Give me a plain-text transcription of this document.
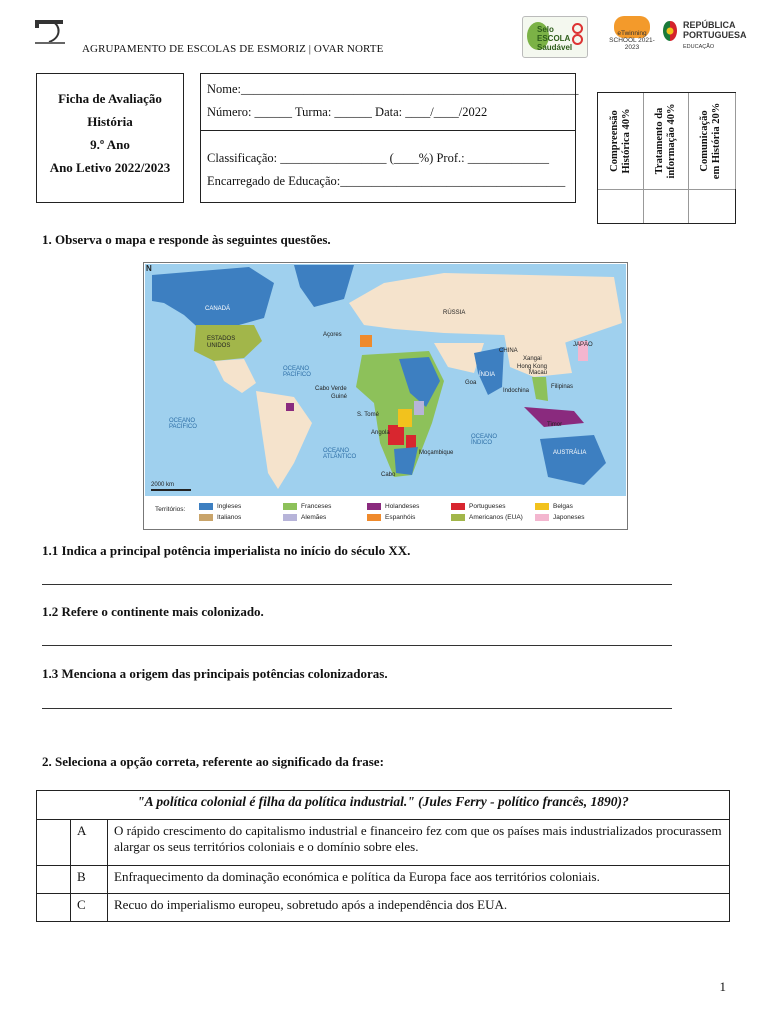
AGRUPAMENTO DE ESCOLAS DE ESMORIZ | OVAR NORTE
Selo ESCOLA Saudável
eTwinning SCHOOL 2021-2023
REPÚBLICA
PORTUGUESA
EDUCAÇÃO
Ficha de Avaliação
História
9.º Ano
Ano Letivo 2022/2023
Nome:______________________________________________________
Número: ______ Turma: ______ Data: ____/____/2022
Classificação: _________________ (____%) Prof.: _____________
Encarregado de Educação:____________________________________
Compreensão Histórica 40% Tratamento da informação 40% Comunicação em História 20%
1. Observa o mapa e responde às seguintes questões.
N
CANADÁ
ESTADOS UNIDOS
RÚSSIA
CHINA
ÍNDIA
JAPÃO
AUSTRÁLIA
OCEANO PACÍFICO
OCEANO ATLÂNTICO
OCEANO ÍNDICO
OCEANO PACÍFICO
Açores
Cabo Verde
Guiné
S. Tomé
Angola
Moçambique
Cabo
Goa
Macau
Hong Kong
Filipinas
Timor
Indochina
Xangai
2000 km
Territórios:	Ingleses	Franceses	Holandeses	Portugueses	Belgas
Italianos	Alemães	Espanhóis	Americanos (EUA)	Japoneses
1.1 Indica a principal potência imperialista no início do século XX.
1.2 Refere o continente mais colonizado.
1.3 Menciona a origem das principais potências colonizadoras.
2. Seleciona a opção correta, referente ao significado da frase:
"A política colonial é filha da política industrial." (Jules Ferry - político francês, 1890)?		
	A	O rápido crescimento do capitalismo industrial e financeiro fez com que os países mais industrializados procurassem alargar os seus territórios coloniais e o domínio sobre eles.
	B	Enfraquecimento da dominação económica e política da Europa face aos territórios coloniais.
	C	Recuo do imperialismo europeu, sobretudo após a independência dos EUA.
1
